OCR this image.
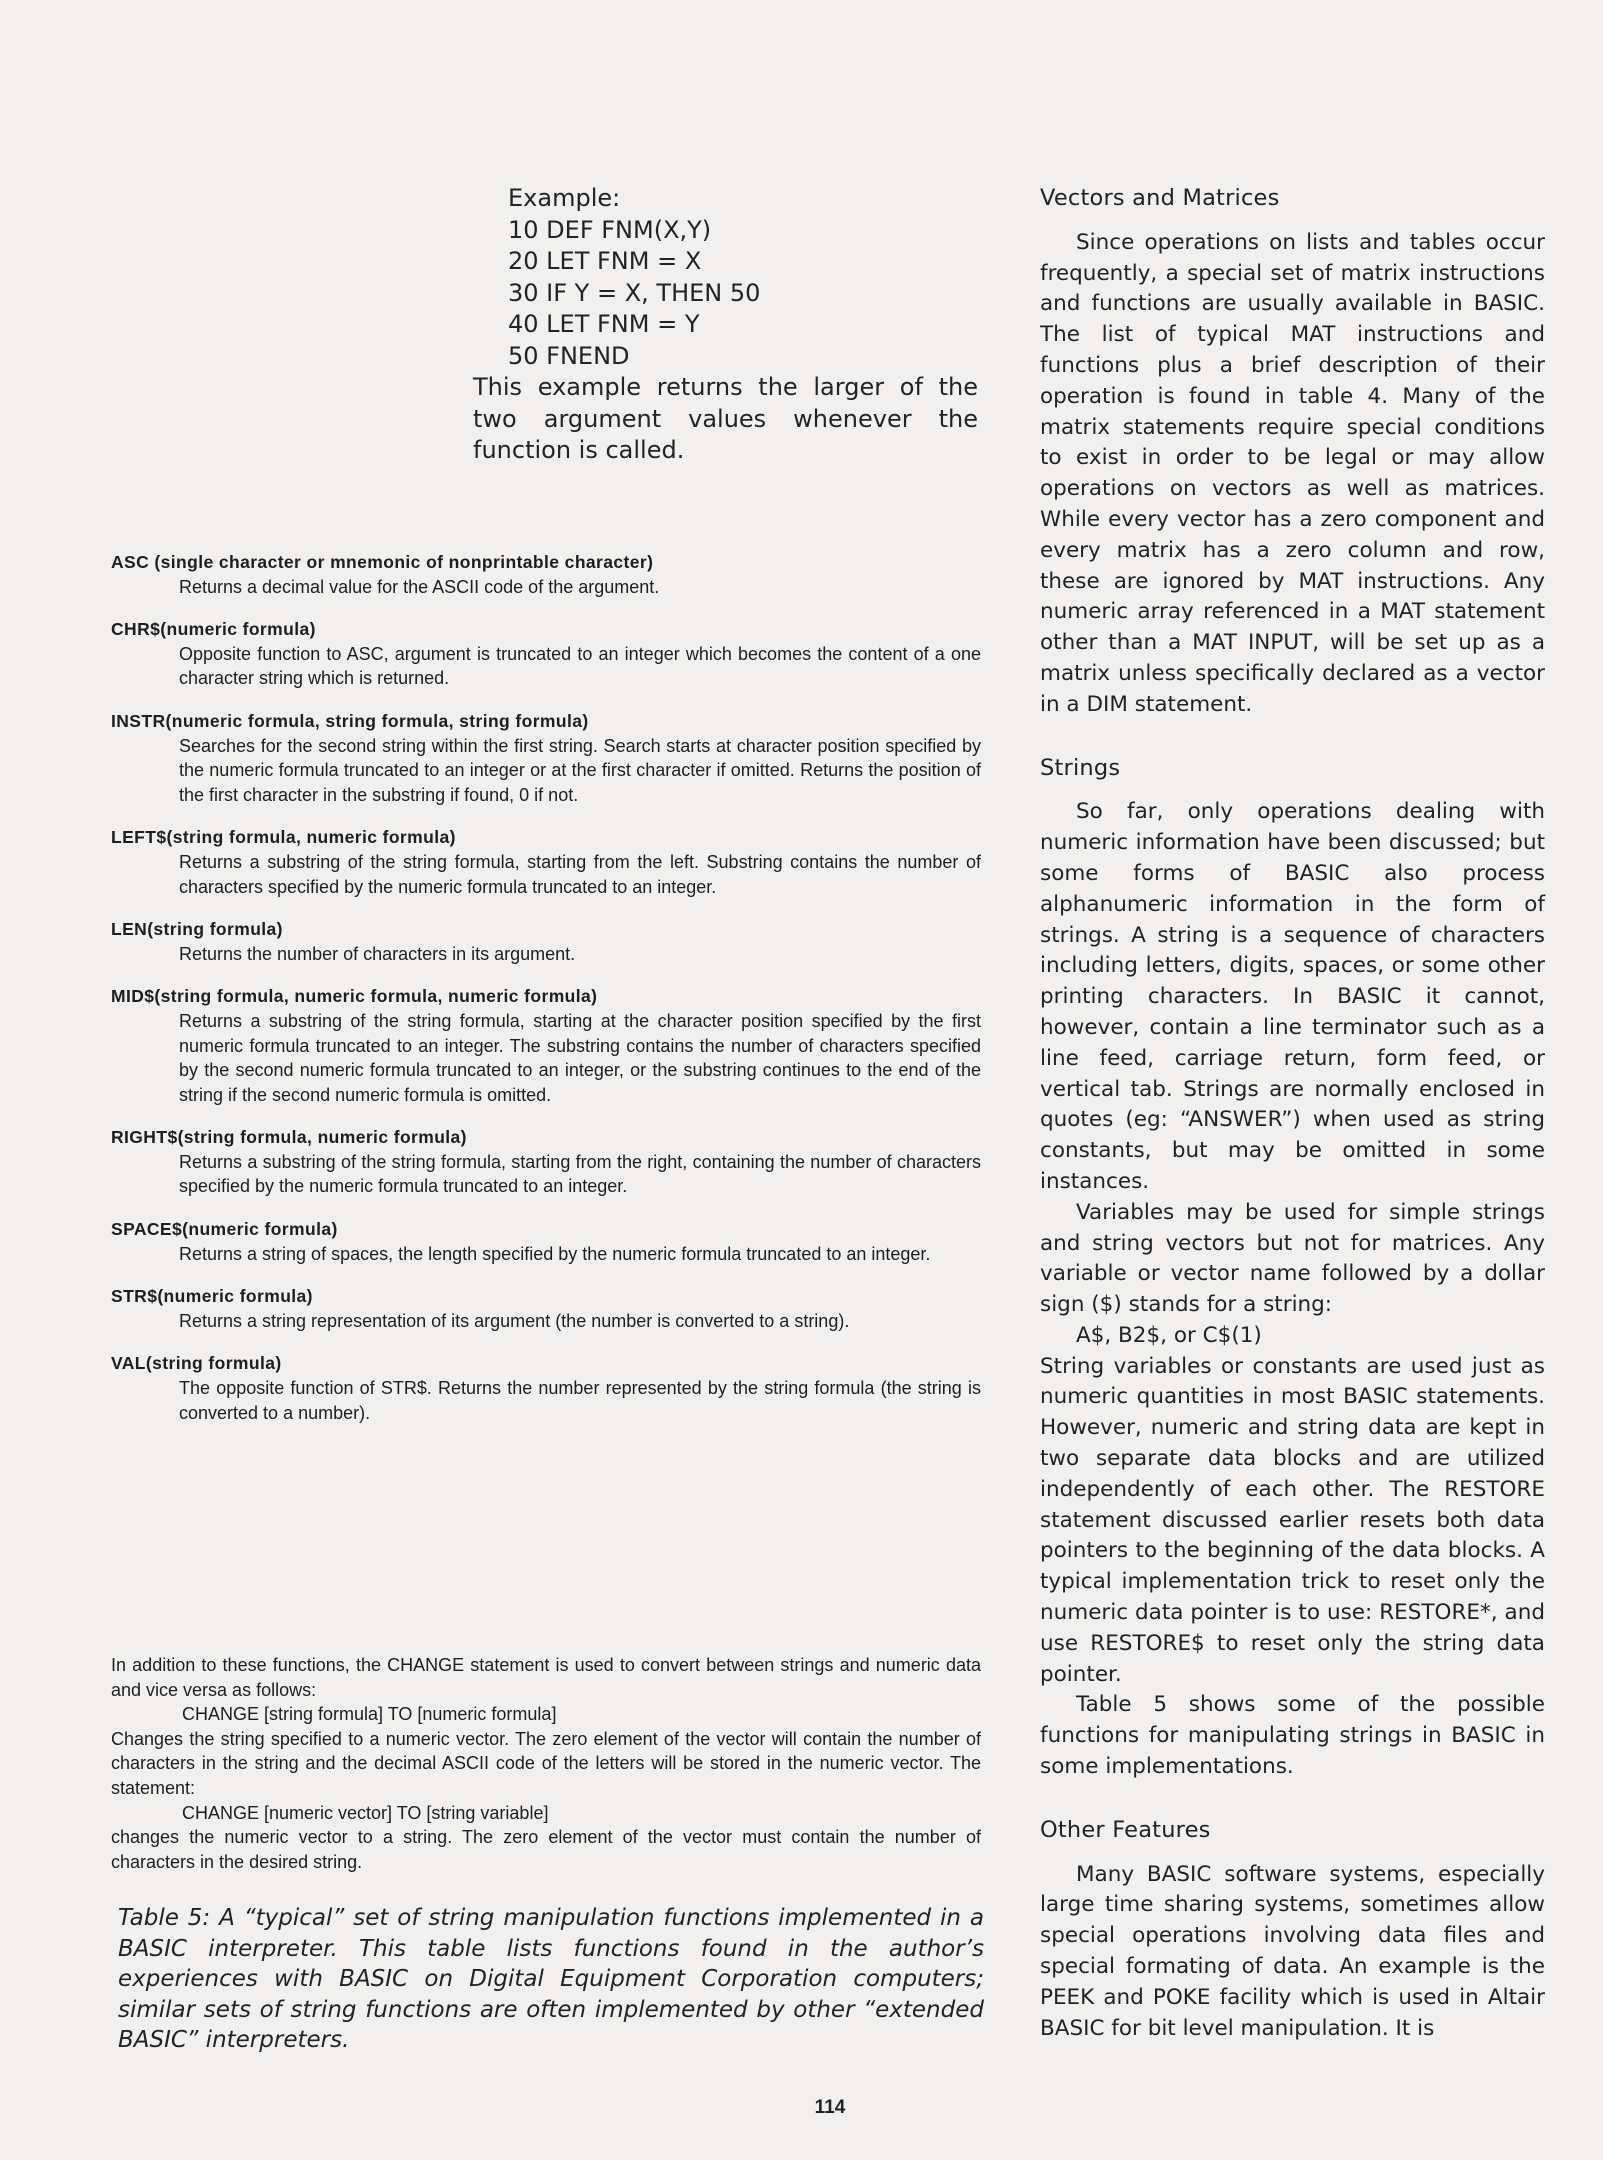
Example:
10 DEF FNM(X,Y)
20 LET FNM = X
30 IF Y = X, THEN 50
40 LET FNM = Y
50 FNEND

This example returns the larger of the two argument values whenever the function is called.

ASC (single character or mnemonic of nonprintable character)
Returns a decimal value for the ASCII code of the argument.
CHR$(numeric formula)
Opposite function to ASC, argument is truncated to an integer which becomes the content of a one character string which is returned.
INSTR(numeric formula, string formula, string formula)
Searches for the second string within the first string. Search starts at character position specified by the numeric formula truncated to an integer or at the first character if omitted. Returns the position of the first character in the substring if found, 0 if not.
LEFT$(string formula, numeric formula)
Returns a substring of the string formula, starting from the left. Substring contains the number of characters specified by the numeric formula truncated to an integer.
LEN(string formula)
Returns the number of characters in its argument.
MID$(string formula, numeric formula, numeric formula)
Returns a substring of the string formula, starting at the character position specified by the first numeric formula truncated to an integer. The substring contains the number of characters specified by the second numeric formula truncated to an integer, or the substring continues to the end of the string if the second numeric formula is omitted.
RIGHT$(string formula, numeric formula)
Returns a substring of the string formula, starting from the right, containing the number of characters specified by the numeric formula truncated to an integer.
SPACE$(numeric formula)
Returns a string of spaces, the length specified by the numeric formula truncated to an integer.
STR$(numeric formula)
Returns a string representation of its argument (the number is converted to a string).
VAL(string formula)
The opposite function of STR$. Returns the number represented by the string formula (the string is converted to a number).

In addition to these functions, the CHANGE statement is used to convert between strings and numeric data and vice versa as follows:

CHANGE [string formula] TO [numeric formula]

Changes the string specified to a numeric vector. The zero element of the vector will contain the number of characters in the string and the decimal ASCII code of the letters will be stored in the numeric vector. The statement:

CHANGE [numeric vector] TO [string variable]

changes the numeric vector to a string. The zero element of the vector must contain the number of characters in the desired string.

Table 5: A “typical” set of string manipulation functions implemented in a BASIC interpreter. This table lists functions found in the author’s experiences with BASIC on Digital Equipment Corporation computers; similar sets of string functions are often implemented by other “extended BASIC” interpreters.
Vectors and Matrices

Since operations on lists and tables occur frequently, a special set of matrix instructions and functions are usually available in BASIC. The list of typical MAT instructions and functions plus a brief description of their operation is found in table 4. Many of the matrix statements require special conditions to exist in order to be legal or may allow operations on vectors as well as matrices. While every vector has a zero component and every matrix has a zero column and row, these are ignored by MAT instructions. Any numeric array referenced in a MAT statement other than a MAT INPUT, will be set up as a matrix unless specifically declared as a vector in a DIM statement.

Strings

So far, only operations dealing with numeric information have been discussed; but some forms of BASIC also process alphanumeric information in the form of strings. A string is a sequence of characters including letters, digits, spaces, or some other printing characters. In BASIC it cannot, however, contain a line terminator such as a line feed, carriage return, form feed, or vertical tab. Strings are normally enclosed in quotes (eg: “ANSWER”) when used as string constants, but may be omitted in some instances.

Variables may be used for simple strings and string vectors but not for matrices. Any variable or vector name followed by a dollar sign ($) stands for a string:

A$, B2$, or C$(1)

String variables or constants are used just as numeric quantities in most BASIC statements. However, numeric and string data are kept in two separate data blocks and are utilized independently of each other. The RESTORE statement discussed earlier resets both data pointers to the beginning of the data blocks. A typical implementation trick to reset only the numeric data pointer is to use: RESTORE*, and use RESTORE$ to reset only the string data pointer.

Table 5 shows some of the possible functions for manipulating strings in BASIC in some implementations.

Other Features

Many BASIC software systems, especially large time sharing systems, sometimes allow special operations involving data files and special formating of data. An example is the PEEK and POKE facility which is used in Altair BASIC for bit level manipulation. It is

114
